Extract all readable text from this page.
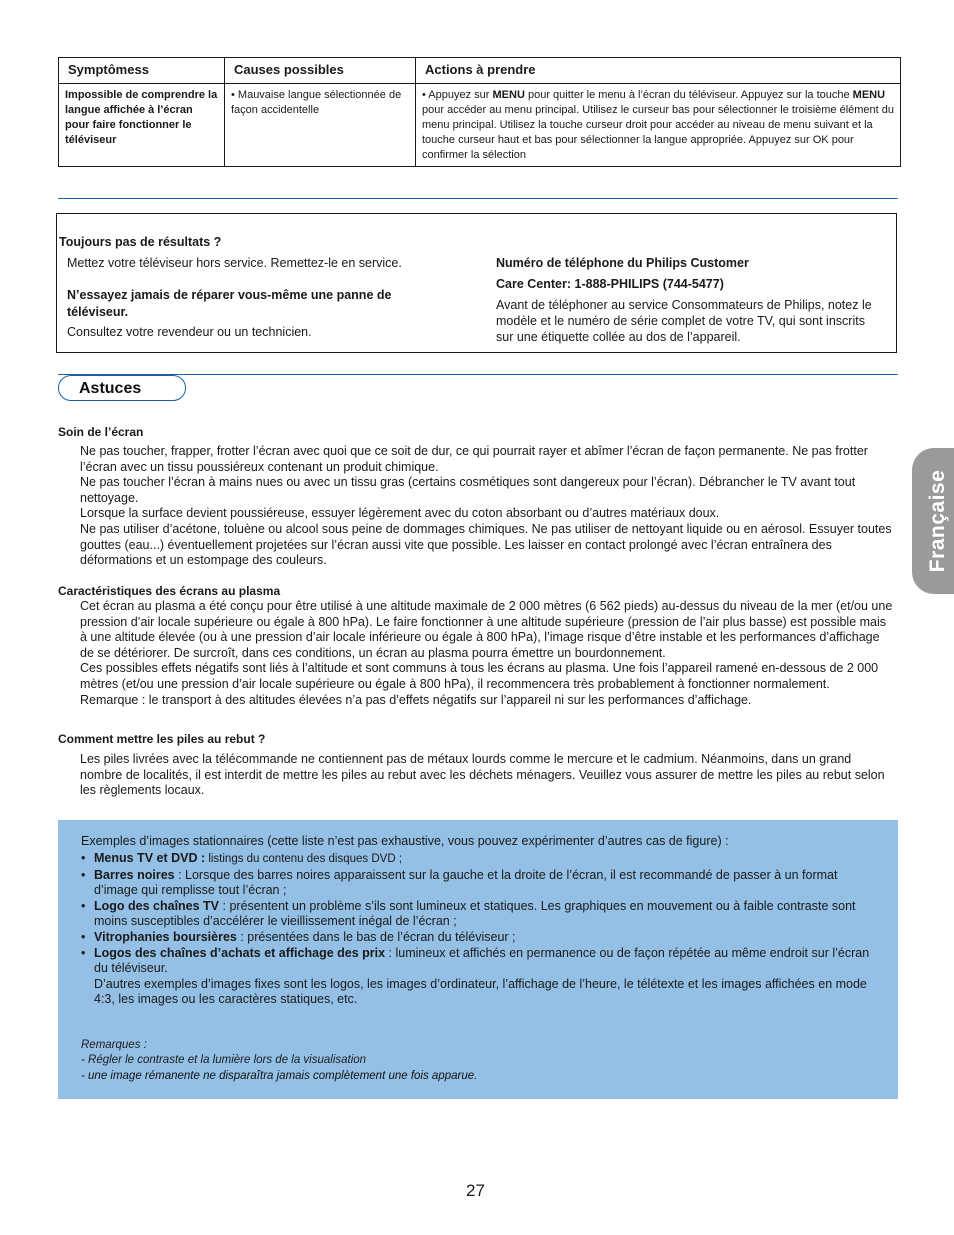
Symptômess	Causes possibles	Actions à prendre
Impossible de comprendre la langue affichée à l’écran pour faire fonctionner le téléviseur	• Mauvaise langue sélectionnée de façon accidentelle	• Appuyez sur MENU pour quitter le menu à l’écran du téléviseur. Appuyez sur la touche MENU pour accéder au menu principal. Utilisez le curseur bas pour sélectionner le troisième élément du menu principal. Utilisez la touche curseur droit pour accéder au niveau de menu suivant et la touche curseur haut et bas pour sélectionner la langue appropriée. Appuyez sur OK pour confirmer la sélection
Toujours pas de résultats ?
Mettez votre téléviseur hors service. Remettez-le en service.
N’essayez jamais de réparer vous-même une panne de téléviseur.
Consultez votre revendeur ou un technicien.
Numéro de téléphone du Philips Customer
Care Center: 1-888-PHILIPS (744-5477)
Avant de téléphoner au service Consommateurs de Philips, notez le modèle et le numéro de série complet de votre TV, qui sont inscrits sur une étiquette collée au dos de l’appareil.
Astuces
Soin de l’écran
Ne pas toucher, frapper, frotter l’écran avec quoi que ce soit de dur, ce qui pourrait rayer et abîmer l’écran de façon permanente. Ne pas frotter l’écran avec un tissu poussiéreux contenant un produit chimique.
Ne pas toucher l’écran à mains nues ou avec un tissu gras (certains cosmétiques sont dangereux pour l’écran). Débrancher le TV avant tout nettoyage.
Lorsque la surface devient poussiéreuse, essuyer légèrement avec du coton absorbant ou d’autres matériaux doux.
Ne pas utiliser d’acétone, toluène ou alcool sous peine de dommages chimiques. Ne pas utiliser de nettoyant liquide ou en aérosol. Essuyer toutes gouttes (eau...) éventuellement projetées sur l’écran aussi vite que possible. Les laisser en contact prolongé avec l’écran entraînera des déformations et un estompage des couleurs.
Caractéristiques des écrans au plasma
Cet écran au plasma a été conçu pour être utilisé à une altitude maximale de 2 000 mètres (6 562 pieds) au-dessus du niveau de la mer (et/ou une pression d’air locale supérieure ou égale à 800 hPa). Le faire fonctionner à une altitude supérieure (pression de l’air plus basse) est possible mais à une altitude élevée (ou à une pression d’air locale inférieure ou égale à 800 hPa), l’image risque d’être instable et les performances d’affichage de se détériorer. De surcroît, dans ces conditions, un écran au plasma pourra émettre un bourdonnement.
Ces possibles effets négatifs sont liés à l’altitude et sont communs à tous les écrans au plasma. Une fois l’appareil ramené en-dessous de 2 000 mètres (et/ou une pression d’air locale supérieure ou égale à 800 hPa), il recommencera très probablement à fonctionner normalement.
Remarque : le transport à des altitudes élevées n’a pas d’effets négatifs sur l’appareil ni sur les performances d’affichage.
Comment mettre les piles au rebut ?
Les piles livrées avec la télécommande ne contiennent pas de métaux lourds comme le mercure et le cadmium. Néanmoins, dans un grand nombre de localités, il est interdit de mettre les piles au rebut avec les déchets ménagers. Veuillez vous assurer de mettre les piles au rebut selon les règlements locaux.
Française
Exemples d’images stationnaires (cette liste n’est pas exhaustive, vous pouvez expérimenter d’autres cas de figure) :
• Menus TV et DVD : listings du contenu des disques DVD ;
• Barres noires : Lorsque des barres noires apparaissent sur la gauche et la droite de l’écran, il est recommandé de passer à un format d’image qui remplisse tout l’écran ;
• Logo des chaînes TV : présentent un problème s’ils sont lumineux et statiques. Les graphiques en mouvement ou à faible contraste sont moins susceptibles d’accélérer le vieillissement inégal de l’écran ;
• Vitrophanies boursières : présentées dans le bas de l’écran du téléviseur ;
• Logos des chaînes d’achats et affichage des prix : lumineux et affichés en permanence ou de façon répétée au même endroit sur l’écran du téléviseur.
D’autres exemples d’images fixes sont les logos, les images d’ordinateur, l’affichage de l’heure, le télétexte et les images affichées en mode 4:3, les images ou les caractères statiques, etc.
Remarques :
- Régler le contraste et la lumière lors de la visualisation
- une image rémanente ne disparaîtra jamais complètement une fois apparue.
27
